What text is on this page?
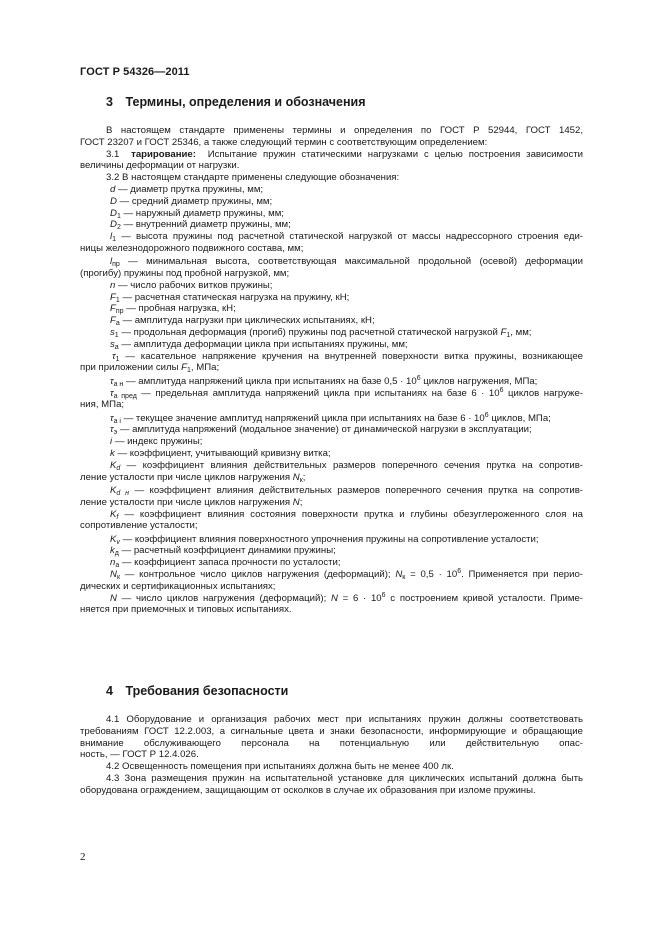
ГОСТ Р 54326—2011
3 Термины, определения и обозначения
В настоящем стандарте применены термины и определения по ГОСТ Р 52944, ГОСТ 1452,
ГОСТ 23207 и ГОСТ 25346, а также следующий термин с соответствующим определением:
3.1 тарирование: Испытание пружин статическими нагрузками с целью построения зависимости
величины деформации от нагрузки.
3.2 В настоящем стандарте применены следующие обозначения:
d — диаметр прутка пружины, мм;
D — средний диаметр пружины, мм;
$D_1$ — наружный диаметр пружины, мм;
$D_2$ — внутренний диаметр пружины, мм;
$l_1$ — высота пружины под расчетной статической нагрузкой от массы надрессорного строения еди-
ницы железнодорожного подвижного состава, мм;
$l_{пр}$ — минимальная высота, соответствующая максимальной продольной (осевой) деформации
(прогибу) пружины под пробной нагрузкой, мм;
n — число рабочих витков пружины;
$F_1$ — расчетная статическая нагрузка на пружину, кН;
$F_{пр}$ — пробная нагрузка, кН;
$F_a$ — амплитуда нагрузки при циклических испытаниях, кН;
$s_1$ — продольная деформация (прогиб) пружины под расчетной статической нагрузкой $F_1$, мм;
$s_a$ — амплитуда деформации цикла при испытаниях пружины, мм;
$\tau_1$ — касательное напряжение кручения на внутренней поверхности витка пружины, возникающее
при приложении силы $F_1$, МПа;
$\tau_{а н}$ — амплитуда напряжений цикла при испытаниях на базе $0,5 \cdot 10^6$ циклов нагружения, МПа;
$\tau_{а пред}$ — предельная амплитуда напряжений цикла при испытаниях на базе $6 \cdot 10^6$ циклов нагруже-
ния, МПа;
$\tau_{а i}$ — текущее значение амплитуд напряжений цикла при испытаниях на базе $6 \cdot 10^6$ циклов, МПа;
$\tau_э$ — амплитуда напряжений (модальное значение) от динамической нагрузки в эксплуатации;
i — индекс пружины;
k — коэффициент, учитывающий кривизну витка;
$K_d$ — коэффициент влияния действительных размеров поперечного сечения прутка на сопротив-
ление усталости при числе циклов нагружения $N_к$;
$K_{d н}$ — коэффициент влияния действительных размеров поперечного сечения прутка на сопротив-
ление усталости при числе циклов нагружения N;
$K_f$ — коэффициент влияния состояния поверхности прутка и глубины обезуглероженного слоя на
сопротивление усталости;
$K_v$ — коэффициент влияния поверхностного упрочнения пружины на сопротивление усталости;
$k_д$ — расчетный коэффициент динамики пружины;
$n_a$ — коэффициент запаса прочности по усталости;
$N_к$ — контрольное число циклов нагружения (деформаций); $N_к = 0,5 \cdot 10^6$. Применяется при перио-
дических и сертификационных испытаниях;
N — число циклов нагружения (деформаций); $N = 6 \cdot 10^6$ с построением кривой усталости. Приме-
няется при приемочных и типовых испытаниях.
4 Требования безопасности
4.1 Оборудование и организация рабочих мест при испытаниях пружин должны соответствовать
требованиям ГОСТ 12.2.003, а сигнальные цвета и знаки безопасности, информирующие и обращающие
внимание обслуживающего персонала на потенциальную или действительную опас-
ность, — ГОСТ Р 12.4.026.
4.2 Освещенность помещения при испытаниях должна быть не менее 400 лк.
4.3 Зона размещения пружин на испытательной установке для циклических испытаний должна быть
оборудована ограждением, защищающим от осколков в случае их образования при изломе пружины.
2
